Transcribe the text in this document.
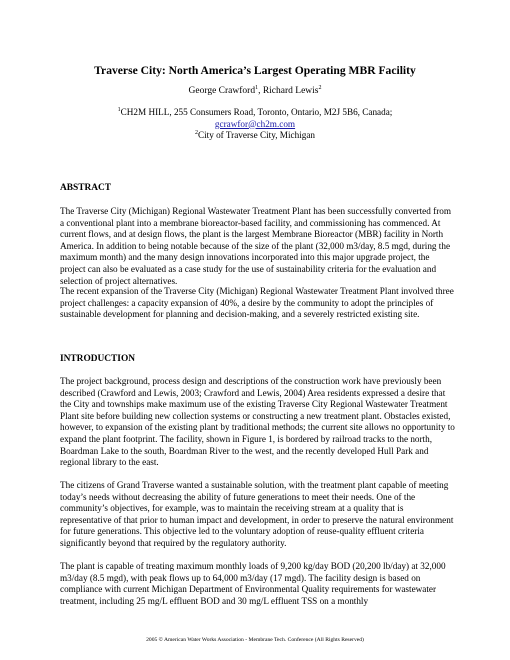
Traverse City: North America’s Largest Operating MBR Facility
George Crawford$^1$, Richard Lewis$^2$
$^1$CH2M HILL, 255 Consumers Road, Toronto, Ontario, M2J 5B6, Canada;
gcrawfor@ch2m.com
$^2$City of Traverse City, Michigan
ABSTRACT

The Traverse City (Michigan) Regional Wastewater Treatment Plant has been successfully converted from a conventional plant into a membrane bioreactor-based facility, and commissioning has commenced. At current flows, and at design flows, the plant is the largest Membrane Bioreactor (MBR) facility in North America. In addition to being notable because of the size of the plant (32,000 m3/day, 8.5 mgd, during the maximum month) and the many design innovations incorporated into this major upgrade project, the project can also be evaluated as a case study for the use of sustainability criteria for the evaluation and selection of project alternatives.

The recent expansion of the Traverse City (Michigan) Regional Wastewater Treatment Plant involved three project challenges: a capacity expansion of 40%, a desire by the community to adopt the principles of sustainable development for planning and decision-making, and a severely restricted existing site.

INTRODUCTION

The project background, process design and descriptions of the construction work have previously been described (Crawford and Lewis, 2003; Crawford and Lewis, 2004) Area residents expressed a desire that the City and townships make maximum use of the existing Traverse City Regional Wastewater Treatment Plant site before building new collection systems or constructing a new treatment plant. Obstacles existed, however, to expansion of the existing plant by traditional methods; the current site allows no opportunity to expand the plant footprint. The facility, shown in Figure 1, is bordered by railroad tracks to the north, Boardman Lake to the south, Boardman River to the west, and the recently developed Hull Park and regional library to the east.

The citizens of Grand Traverse wanted a sustainable solution, with the treatment plant capable of meeting today’s needs without decreasing the ability of future generations to meet their needs. One of the community’s objectives, for example, was to maintain the receiving stream at a quality that is representative of that prior to human impact and development, in order to preserve the natural environment for future generations. This objective led to the voluntary adoption of reuse-quality effluent criteria significantly beyond that required by the regulatory authority.

The plant is capable of treating maximum monthly loads of 9,200 kg/day BOD (20,200 lb/day) at 32,000 m3/day (8.5 mgd), with peak flows up to 64,000 m3/day (17 mgd). The facility design is based on compliance with current Michigan Department of Environmental Quality requirements for wastewater treatment, including 25 mg/L effluent BOD and 30 mg/L effluent TSS on a monthly

2005 © American Water Works Association - Membrane Tech. Conference (All Rights Reserved)
